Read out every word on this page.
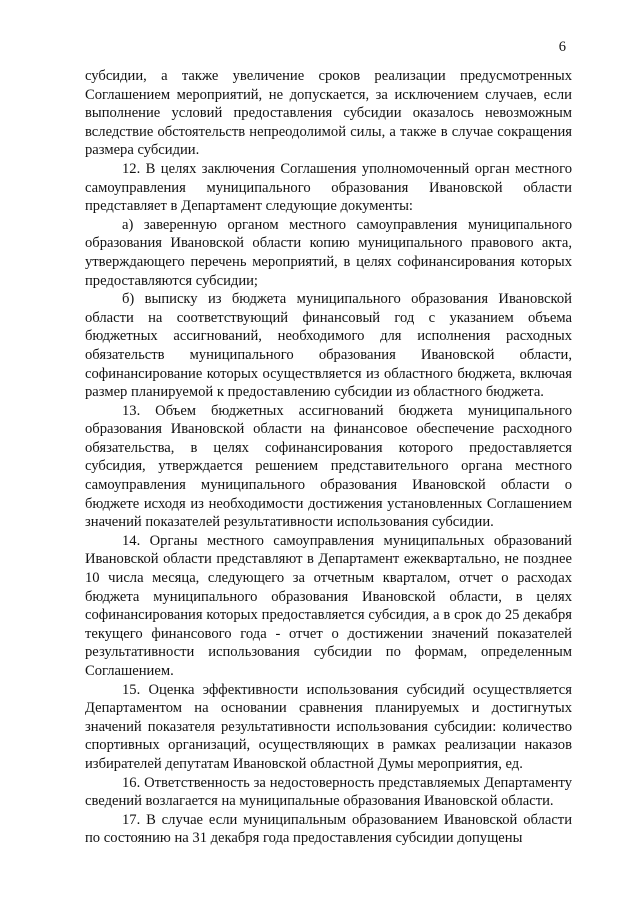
6

субсидии, а также увеличение сроков реализации предусмотренных Соглашением мероприятий, не допускается, за исключением случаев, если выполнение условий предоставления субсидии оказалось невозможным вследствие обстоятельств непреодолимой силы, а также в случае сокращения размера субсидии.

12. В целях заключения Соглашения уполномоченный орган местного самоуправления муниципального образования Ивановской области представляет в Департамент следующие документы:

а) заверенную органом местного самоуправления муниципального образования Ивановской области копию муниципального правового акта, утверждающего перечень мероприятий, в целях софинансирования которых предоставляются субсидии;

б) выписку из бюджета муниципального образования Ивановской области на соответствующий финансовый год с указанием объема бюджетных ассигнований, необходимого для исполнения расходных обязательств муниципального образования Ивановской области, софинансирование которых осуществляется из областного бюджета, включая размер планируемой к предоставлению субсидии из областного бюджета.

13. Объем бюджетных ассигнований бюджета муниципального образования Ивановской области на финансовое обеспечение расходного обязательства, в целях софинансирования которого предоставляется субсидия, утверждается решением представительного органа местного самоуправления муниципального образования Ивановской области о бюджете исходя из необходимости достижения установленных Соглашением значений показателей результативности использования субсидии.

14. Органы местного самоуправления муниципальных образований Ивановской области представляют в Департамент ежеквартально, не позднее 10 числа месяца, следующего за отчетным кварталом, отчет о расходах бюджета муниципального образования Ивановской области, в целях софинансирования которых предоставляется субсидия, а в срок до 25 декабря текущего финансового года - отчет о достижении значений показателей результативности использования субсидии по формам, определенным Соглашением.

15. Оценка эффективности использования субсидий осуществляется Департаментом на основании сравнения планируемых и достигнутых значений показателя результативности использования субсидии: количество спортивных организаций, осуществляющих в рамках реализации наказов избирателей депутатам Ивановской областной Думы мероприятия, ед.

16. Ответственность за недостоверность представляемых Департаменту сведений возлагается на муниципальные образования Ивановской области.

17. В случае если муниципальным образованием Ивановской области по состоянию на 31 декабря года предоставления субсидии допущены
